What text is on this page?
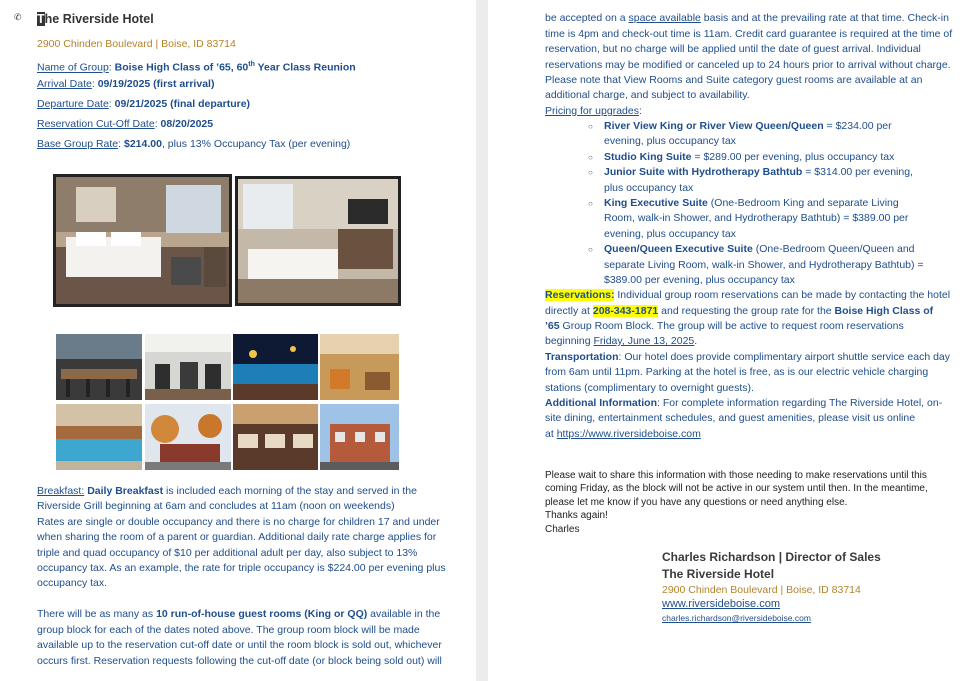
✆ The Riverside Hotel
2900 Chinden Boulevard | Boise, ID 83714
Name of Group: Boise High Class of ’65, 60th Year Class Reunion
Arrival Date: 09/19/2025 (first arrival)
Departure Date: 09/21/2025 (final departure)
Reservation Cut-Off Date: 08/20/2025
Base Group Rate: $214.00, plus 13% Occupancy Tax (per evening)
Breakfast: Daily Breakfast is included each morning of the stay and served in the
Riverside Grill beginning at 6am and concludes at 11am (noon on weekends)
Rates are single or double occupancy and there is no charge for children 17 and under
when sharing the room of a parent or guardian. Additional daily rate charge applies for
triple and quad occupancy of $10 per additional adult per day, also subject to 13%
occupancy tax. As an example, the rate for triple occupancy is $224.00 per evening plus
occupancy tax.
There will be as many as 10 run-of-house guest rooms (King or QQ) available in the
group block for each of the dates noted above. The group room block will be made
available up to the reservation cut-off date or until the room block is sold out, whichever
occurs first. Reservation requests following the cut-off date (or block being sold out) will
be accepted on a space available basis and at the prevailing rate at that time. Check-in
time is 4pm and check-out time is 11am. Credit card guarantee is required at the time of
reservation, but no charge will be applied until the date of guest arrival. Individual
reservations may be modified or canceled up to 24 hours prior to arrival without charge.
Please note that View Rooms and Suite category guest rooms are available at an
additional charge, and subject to availability.
Pricing for upgrades:
○ River View King or River View Queen/Queen = $234.00 per evening, plus occupancy tax
○ Studio King Suite = $289.00 per evening, plus occupancy tax
○ Junior Suite with Hydrotherapy Bathtub = $314.00 per evening, plus occupancy tax
○ King Executive Suite (One-Bedroom King and separate Living Room, walk-in Shower, and Hydrotherapy Bathtub) = $389.00 per evening, plus occupancy tax
○ Queen/Queen Executive Suite (One-Bedroom Queen/Queen and separate Living Room, walk-in Shower, and Hydrotherapy Bathtub) = $389.00 per evening, plus occupancy tax
Reservations: Individual group room reservations can be made by contacting the hotel
directly at 208-343-1871 and requesting the group rate for the Boise High Class of
’65 Group Room Block. The group will be active to request room reservations
beginning Friday, June 13, 2025.
Transportation: Our hotel does provide complimentary airport shuttle service each day
from 6am until 11pm. Parking at the hotel is free, as is our electric vehicle charging
stations (complimentary to overnight guests).
Additional Information: For complete information regarding The Riverside Hotel, on-
site dining, entertainment schedules, and guest amenities, please visit us online
at https://www.riversideboise.com
Please wait to share this information with those needing to make reservations until this
coming Friday, as the block will not be active in our system until then. In the meantime,
please let me know if you have any questions or need anything else.
Thanks again!
Charles
Charles Richardson | Director of Sales
The Riverside Hotel
2900 Chinden Boulevard | Boise, ID 83714
www.riversideboise.com
charles.richardson@riversideboise.com
